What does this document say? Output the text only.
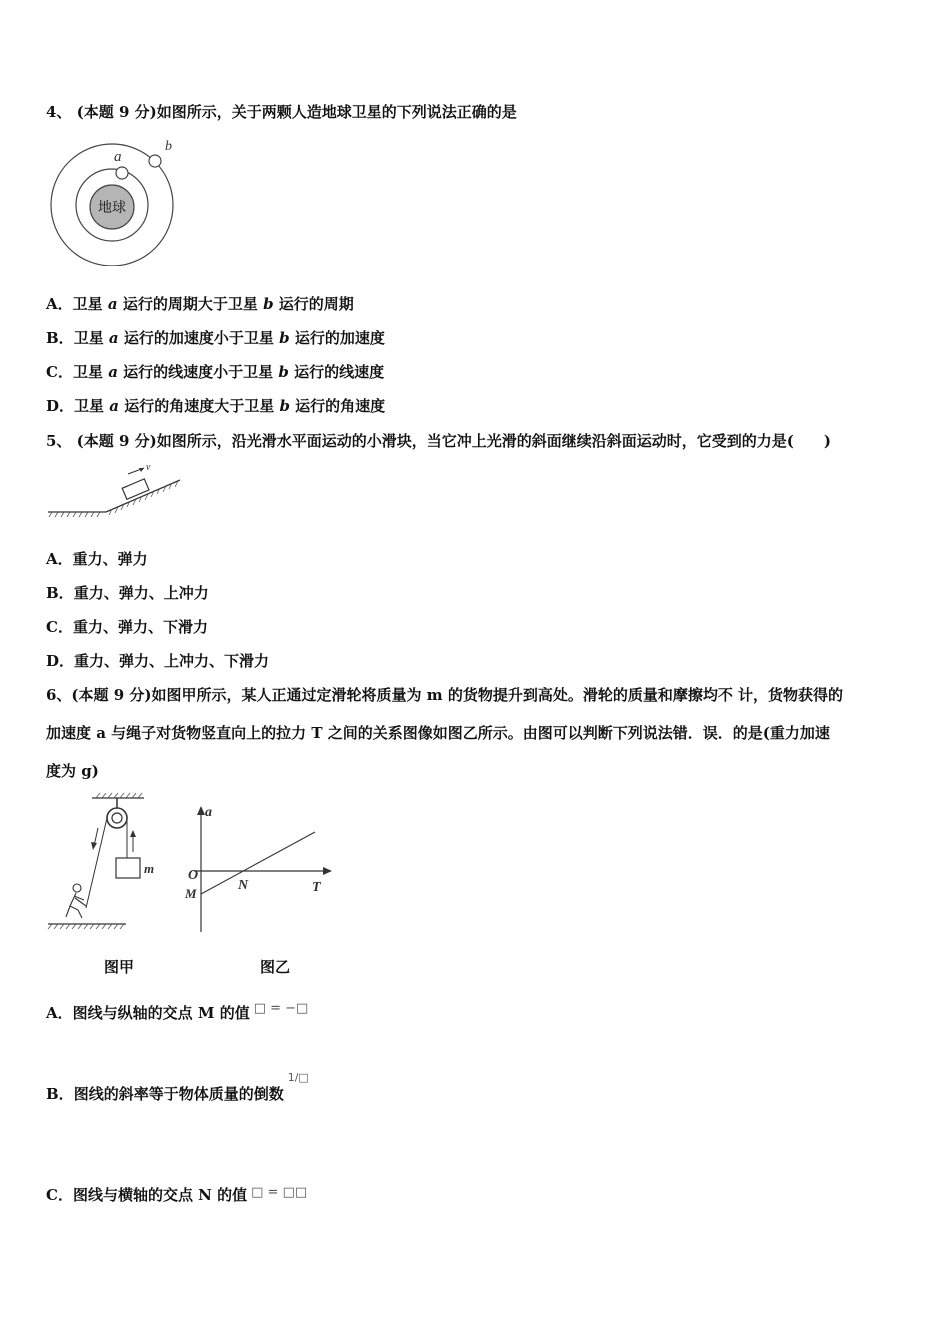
4、 (本题 9 分)如图所示，关于两颗人造地球卫星的下列说法正确的是
地球
a
b
A．卫星 a 运行的周期大于卫星 b 运行的周期
B．卫星 a 运行的加速度小于卫星 b 运行的加速度
C．卫星 a 运行的线速度小于卫星 b 运行的线速度
D．卫星 a 运行的角速度大于卫星 b 运行的角速度
5、 (本题 9 分)如图所示，沿光滑水平面运动的小滑块，当它冲上光滑的斜面继续沿斜面运动时，它受到的力是(　　)
v
A．重力、弹力
B．重力、弹力、上冲力
C．重力、弹力、下滑力
D．重力、弹力、上冲力、下滑力
6、(本题 9 分)如图甲所示，某人正通过定滑轮将质量为 m 的货物提升到高处。滑轮的质量和摩擦均不 计，货物获得的
加速度 a 与绳子对货物竖直向上的拉力 T 之间的关系图像如图乙所示。由图可以判断下列说法错．误．的是(重力加速
度为 g)
m
a
O
M
N	T
图甲	图乙
A．图线与纵轴的交点 M 的值 □ = −□
B．图线的斜率等于物体质量的倒数$^{1/□}$
C．图线与横轴的交点 N 的值 □ = □□
